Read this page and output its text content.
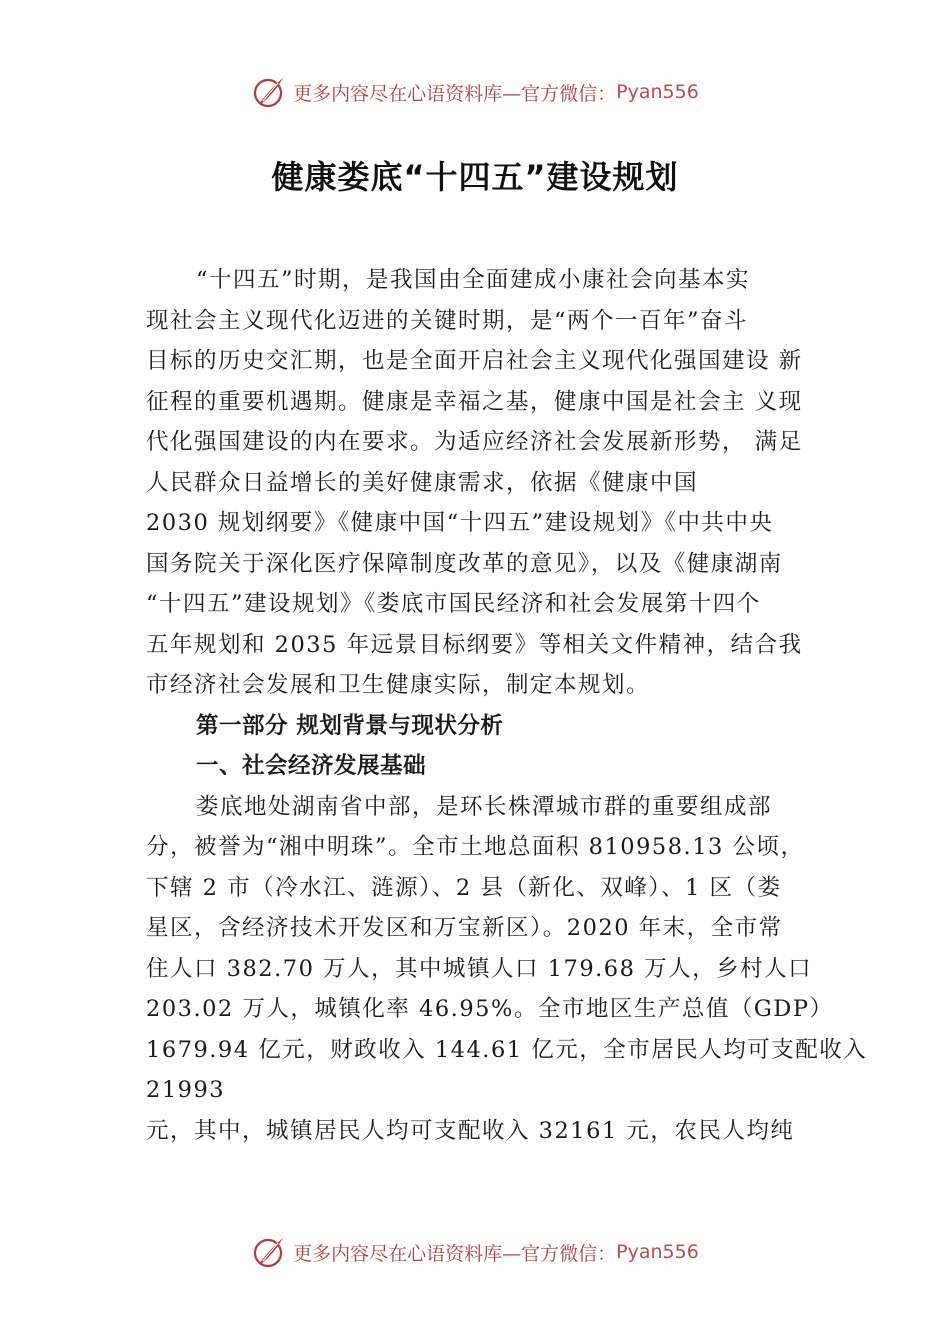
更多内容尽在心语资料库—官方微信： Pyan556
健康娄底“十四五”建设规划
“十四五”时期，是我国由全面建成小康社会向基本实
现社会主义现代化迈进的关键时期，是“两个一百年”奋斗
目标的历史交汇期，也是全面开启社会主义现代化强国建设 新
征程的重要机遇期。健康是幸福之基，健康中国是社会主 义现
代化强国建设的内在要求。为适应经济社会发展新形势， 满足
人民群众日益增长的美好健康需求，依据《健康中国
2030 规划纲要》《健康中国“十四五”建设规划》《中共中央
国务院关于深化医疗保障制度改革的意见》，以及《健康湖南
“十四五”建设规划》《娄底市国民经济和社会发展第十四个
五年规划和 2035 年远景目标纲要》等相关文件精神，结合我
市经济社会发展和卫生健康实际，制定本规划。
第一部分 规划背景与现状分析
一、社会经济发展基础
娄底地处湖南省中部，是环长株潭城市群的重要组成部
分，被誉为“湘中明珠”。全市土地总面积 810958.13 公顷，
下辖 2 市（冷水江、涟源）、2 县（新化、双峰）、1 区（娄
星区，含经济技术开发区和万宝新区）。2020 年末，全市常
住人口 382.70 万人，其中城镇人口 179.68 万人，乡村人口
203.02 万人，城镇化率 46.95%。全市地区生产总值（GDP）
1679.94 亿元，财政收入 144.61 亿元，全市居民人均可支配收入
21993
元，其中，城镇居民人均可支配收入 32161 元，农民人均纯
更多内容尽在心语资料库—官方微信： Pyan556
